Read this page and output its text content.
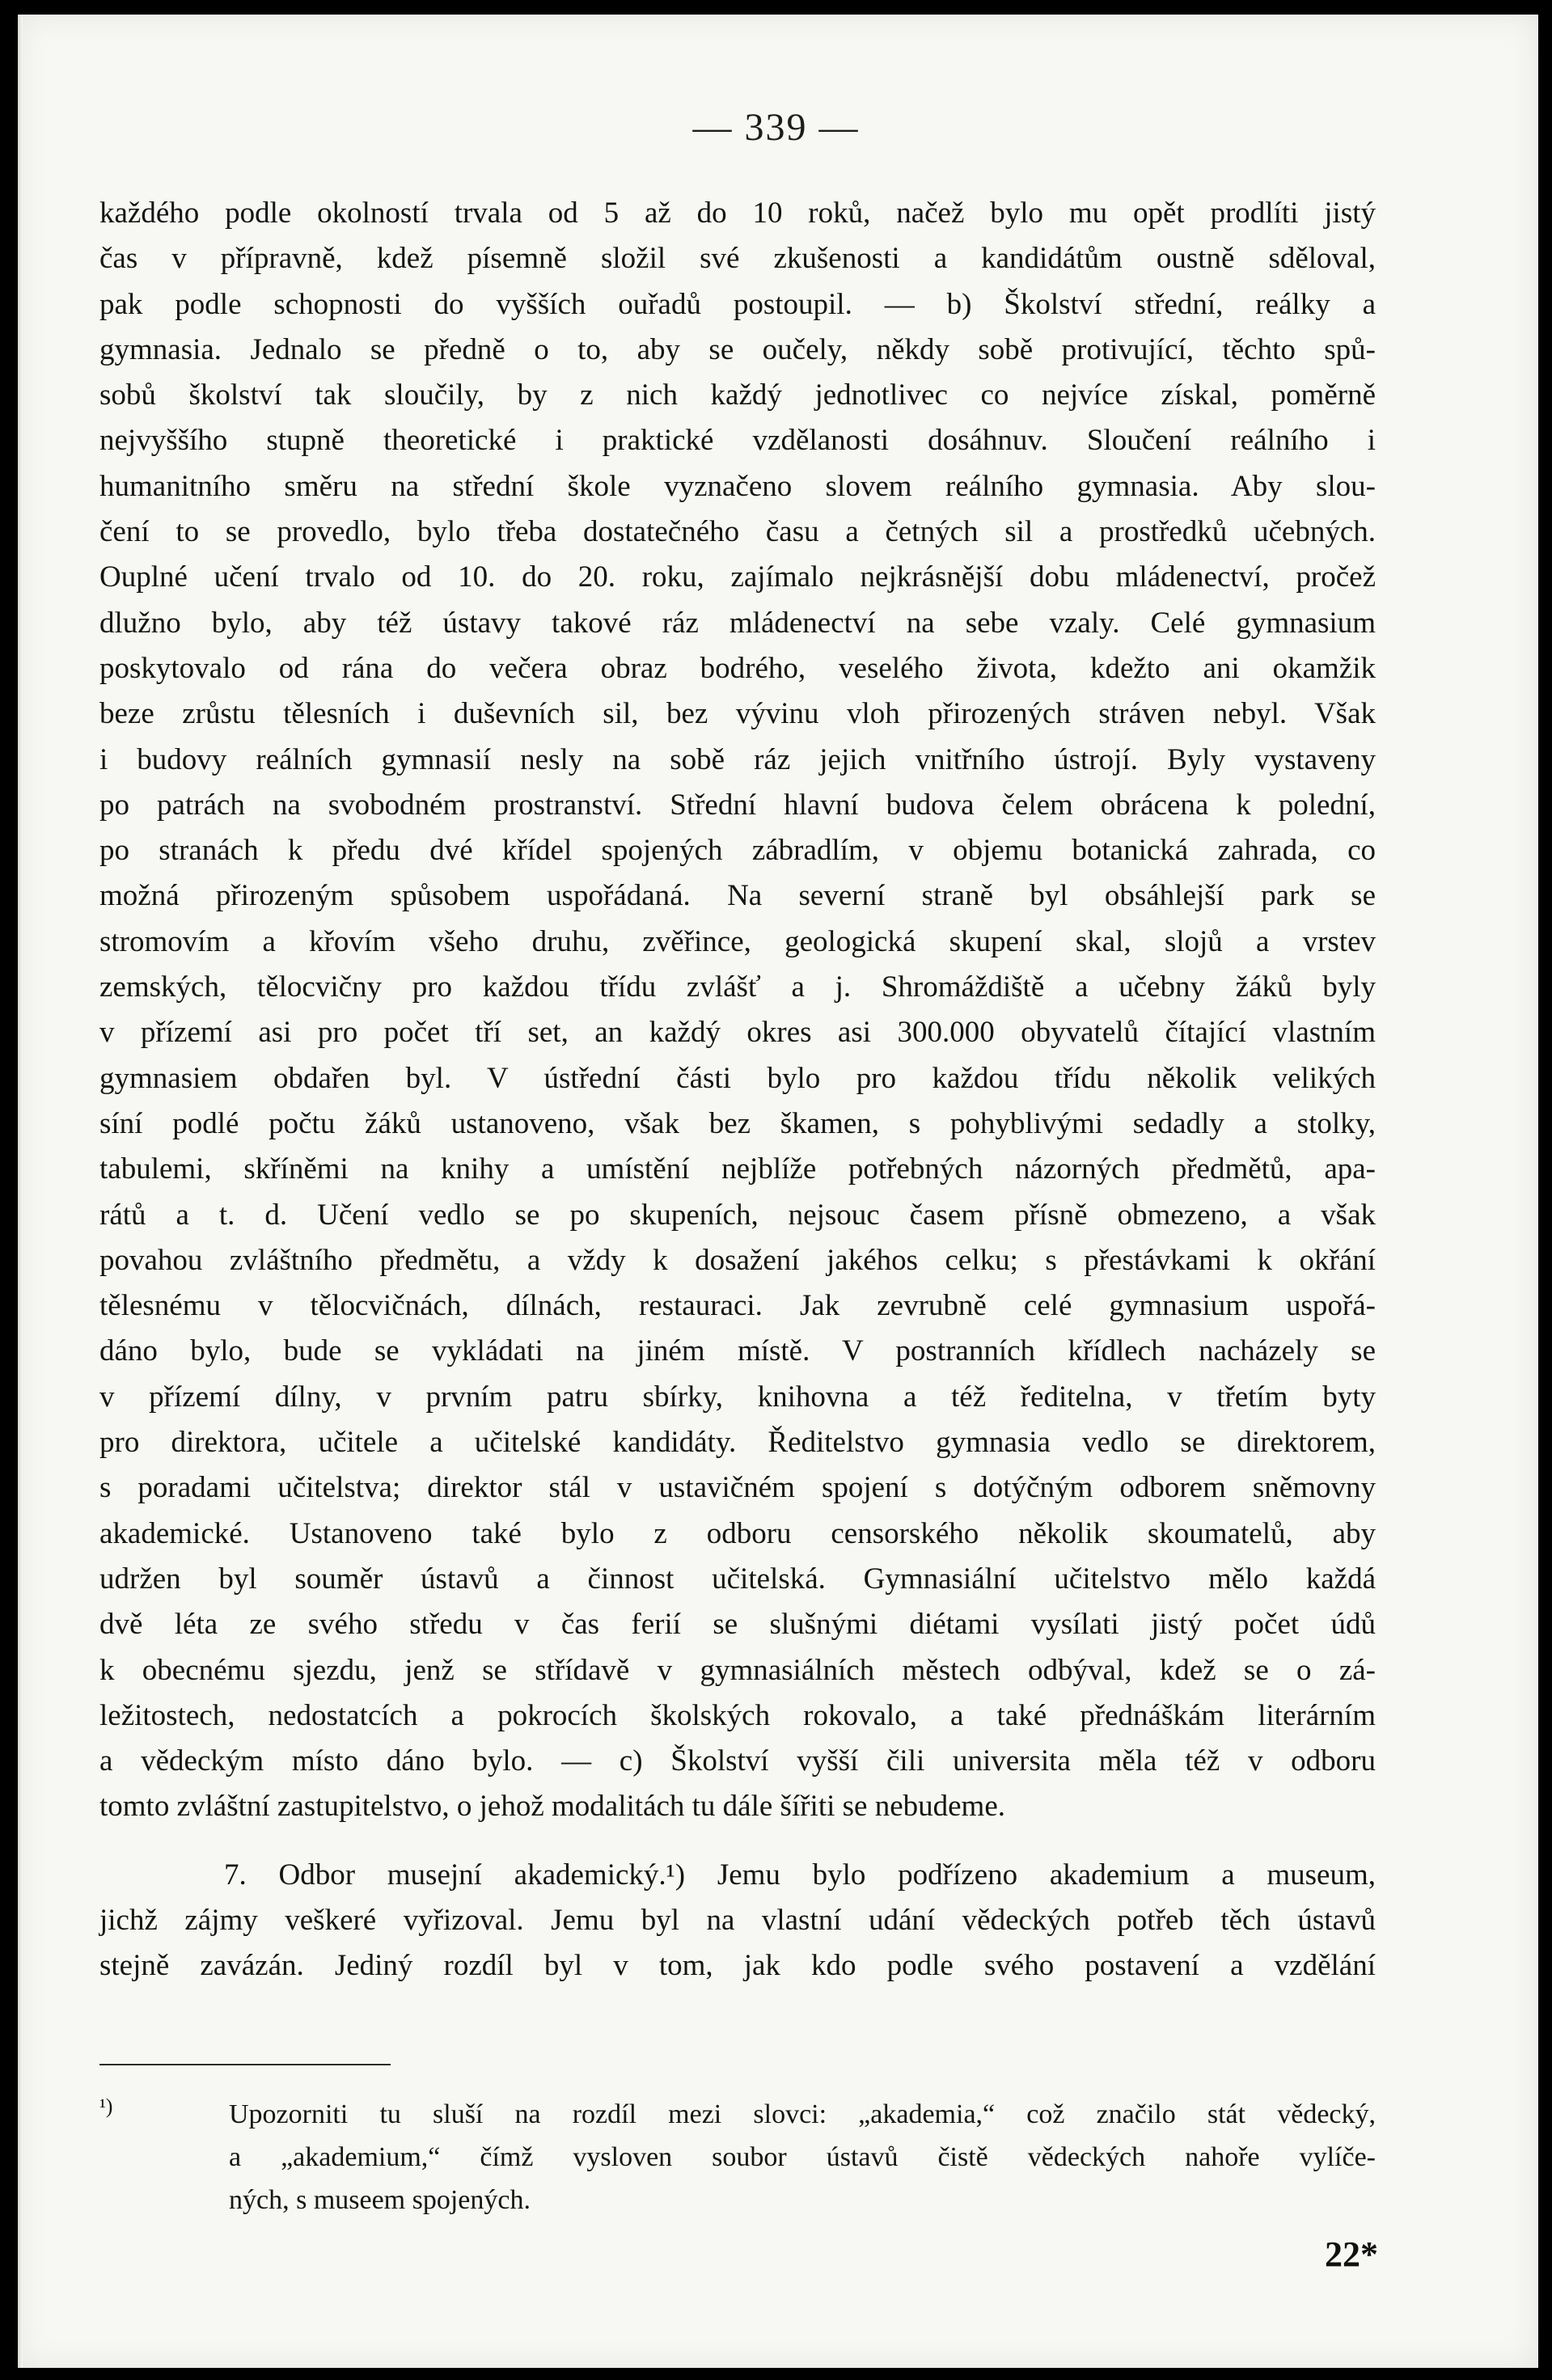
— 339 —
každého podle okolností trvala od 5 až do 10 roků, načež bylo mu opět prodlíti jistý
čas v přípravně, kdež písemně složil své zkušenosti a kandidátům oustně sděloval,
pak podle schopnosti do vyšších ouřadů postoupil. — b) Školství střední, reálky a
gymnasia. Jednalo se předně o to, aby se oučely, někdy sobě protivující, těchto spů-
sobů školství tak sloučily, by z nich každý jednotlivec co nejvíce získal, poměrně
nejvyššího stupně theoretické i praktické vzdělanosti dosáhnuv. Sloučení reálního i
humanitního směru na střední škole vyznačeno slovem reálního gymnasia. Aby slou-
čení to se provedlo, bylo třeba dostatečného času a četných sil a prostředků učebných.
Ouplné učení trvalo od 10. do 20. roku, zajímalo nejkrásnější dobu mládenectví, pročež
dlužno bylo, aby též ústavy takové ráz mládenectví na sebe vzaly. Celé gymnasium
poskytovalo od rána do večera obraz bodrého, veselého života, kdežto ani okamžik
beze zrůstu tělesních i duševních sil, bez vývinu vloh přirozených stráven nebyl. Však
i budovy reálních gymnasií nesly na sobě ráz jejich vnitřního ústrojí. Byly vystaveny
po patrách na svobodném prostranství. Střední hlavní budova čelem obrácena k polední,
po stranách k předu dvé křídel spojených zábradlím, v objemu botanická zahrada, co
možná přirozeným spůsobem uspořádaná. Na severní straně byl obsáhlejší park se
stromovím a křovím všeho druhu, zvěřince, geologická skupení skal, slojů a vrstev
zemských, tělocvičny pro každou třídu zvlášť a j. Shromáždiště a učebny žáků byly
v přízemí asi pro počet tří set, an každý okres asi 300.000 obyvatelů čítající vlastním
gymnasiem obdařen byl. V ústřední části bylo pro každou třídu několik velikých
síní podlé počtu žáků ustanoveno, však bez škamen, s pohyblivými sedadly a stolky,
tabulemi, skříněmi na knihy a umístění nejblíže potřebných názorných předmětů, apa-
rátů a t. d. Učení vedlo se po skupeních, nejsouc časem přísně obmezeno, a však
povahou zvláštního předmětu, a vždy k dosažení jakéhos celku; s přestávkami k okřání
tělesnému v tělocvičnách, dílnách, restauraci. Jak zevrubně celé gymnasium uspořá-
dáno bylo, bude se vykládati na jiném místě. V postranních křídlech nacházely se
v přízemí dílny, v prvním patru sbírky, knihovna a též ředitelna, v třetím byty
pro direktora, učitele a učitelské kandidáty. Ředitelstvo gymnasia vedlo se direktorem,
s poradami učitelstva; direktor stál v ustavičném spojení s dotýčným odborem sněmovny
akademické. Ustanoveno také bylo z odboru censorského několik skoumatelů, aby
udržen byl souměr ústavů a činnost učitelská. Gymnasiální učitelstvo mělo každá
dvě léta ze svého středu v čas ferií se slušnými diétami vysílati jistý počet údů
k obecnému sjezdu, jenž se střídavě v gymnasiálních městech odbýval, kdež se o zá-
ležitostech, nedostatcích a pokrocích školských rokovalo, a také přednáškám literárním
a vědeckým místo dáno bylo. — c) Školství vyšší čili universita měla též v odboru
tomto zvláštní zastupitelstvo, o jehož modalitách tu dále šířiti se nebudeme.
7. Odbor musejní akademický.¹) Jemu bylo podřízeno akademium a museum,
jichž zájmy veškeré vyřizoval. Jemu byl na vlastní udání vědeckých potřeb těch ústavů
stejně zavázán. Jediný rozdíl byl v tom, jak kdo podle svého postavení a vzdělání
¹)	Upozorniti tu sluší na rozdíl mezi slovci: „akademia,“ což značilo stát vědecký,
a „akademium,“ čímž vysloven soubor ústavů čistě vědeckých nahoře vylíče-
ných, s museem spojených.
22*
